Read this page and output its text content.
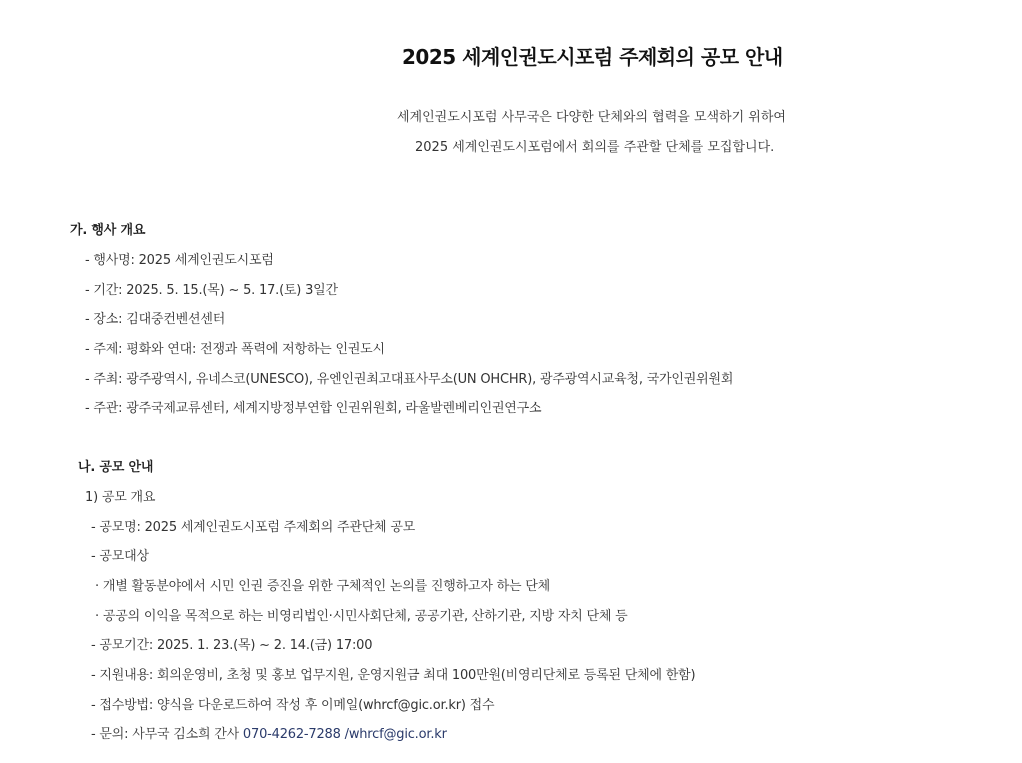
2025 세계인권도시포럼 주제회의 공모 안내
세계인권도시포럼 사무국은 다양한 단체와의 협력을 모색하기 위하여
2025 세계인권도시포럼에서 회의를 주관할 단체를 모집합니다.
가. 행사 개요
- 행사명: 2025 세계인권도시포럼
- 기간: 2025. 5. 15.(목) ~ 5. 17.(토) 3일간
- 장소: 김대중컨벤션센터
- 주제: 평화와 연대: 전쟁과 폭력에 저항하는 인권도시
- 주최: 광주광역시, 유네스코(UNESCO), 유엔인권최고대표사무소(UN OHCHR), 광주광역시교육청, 국가인권위원회
- 주관: 광주국제교류센터, 세계지방정부연합 인권위원회, 라울발렌베리인권연구소
나. 공모 안내
1) 공모 개요
- 공모명: 2025 세계인권도시포럼 주제회의 주관단체 공모
- 공모대상
· 개별 활동분야에서 시민 인권 증진을 위한 구체적인 논의를 진행하고자 하는 단체
· 공공의 이익을 목적으로 하는 비영리법인·시민사회단체, 공공기관, 산하기관, 지방 자치 단체 등
- 공모기간: 2025. 1. 23.(목) ~ 2. 14.(금) 17:00
- 지원내용: 회의운영비, 초청 및 홍보 업무지원, 운영지원금 최대 100만원(비영리단체로 등록된 단체에 한함)
- 접수방법: 양식을 다운로드하여 작성 후 이메일(whrcf@gic.or.kr) 접수
- 문의: 사무국 김소희 간사 070-4262-7288 /whrcf@gic.or.kr
